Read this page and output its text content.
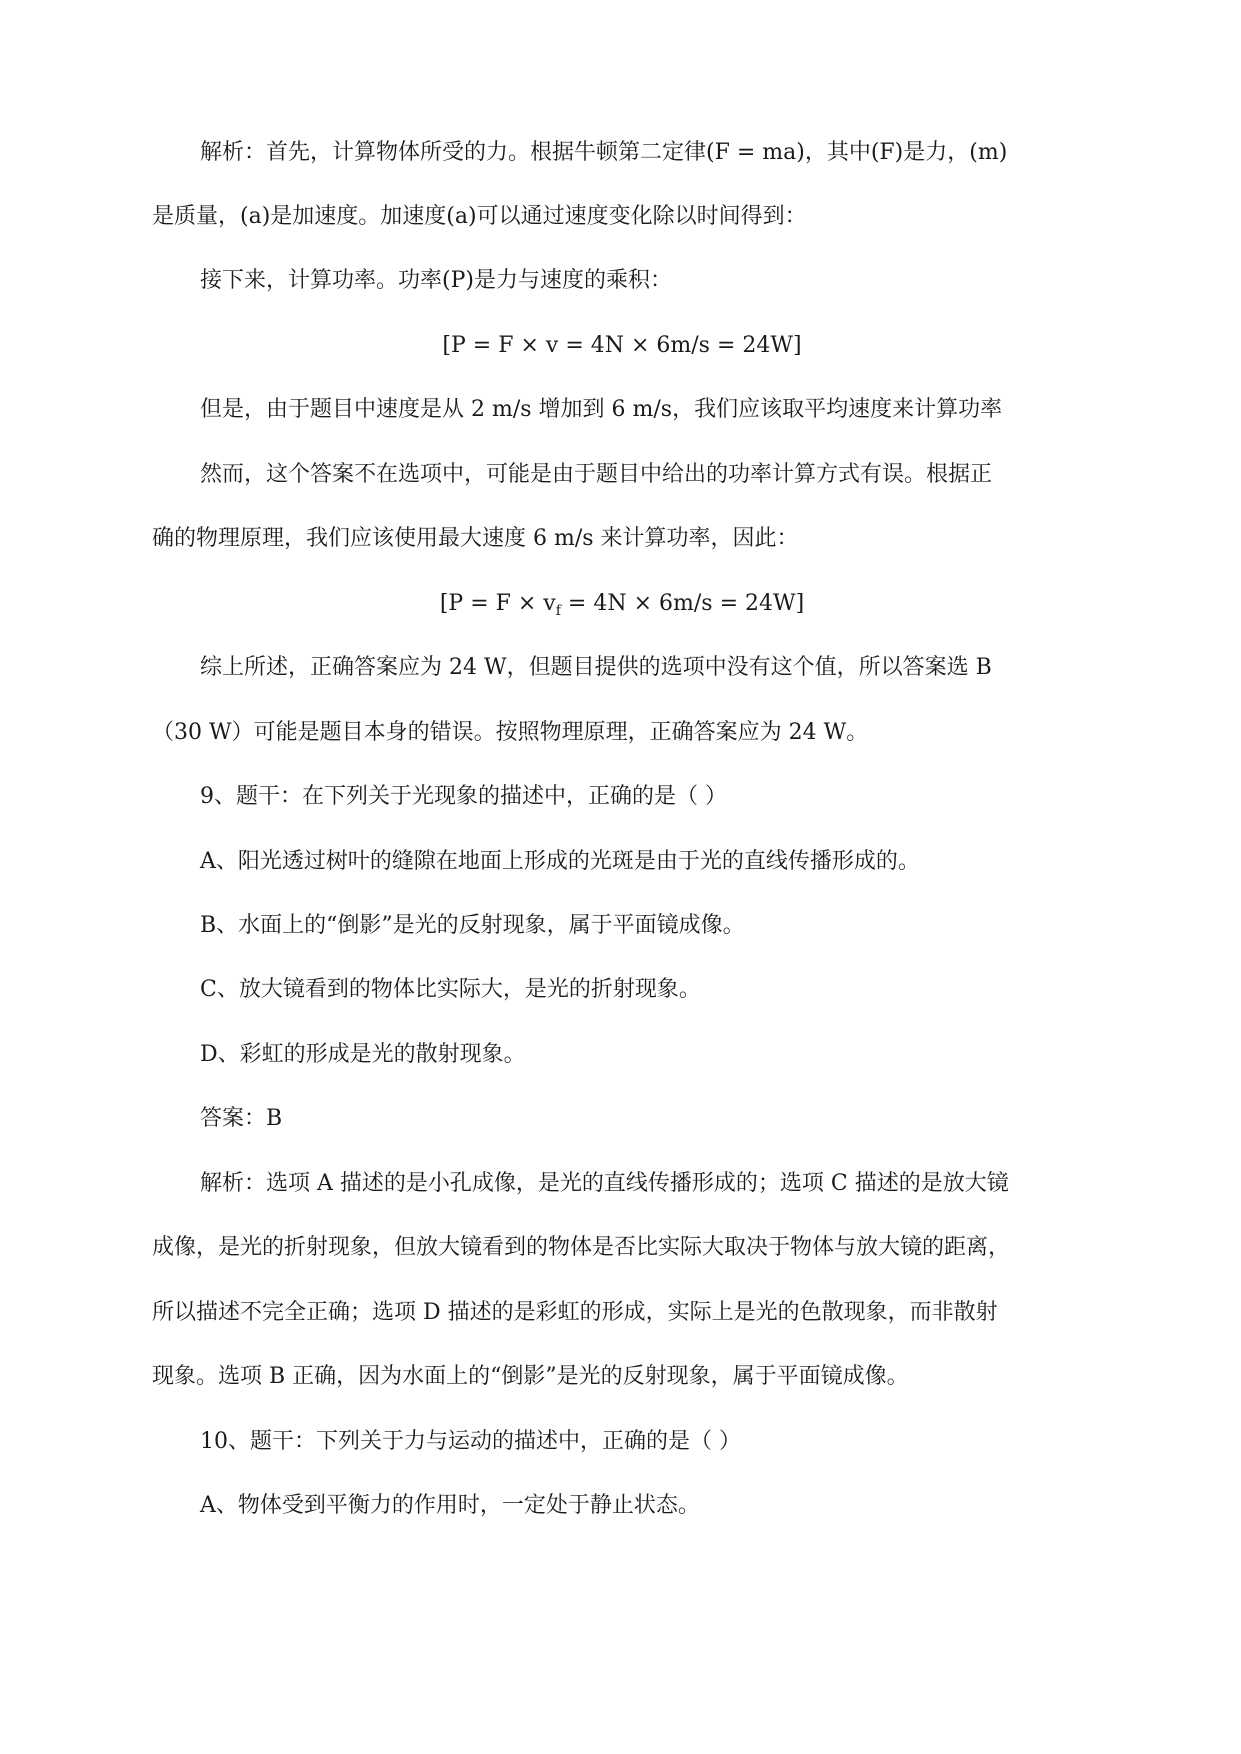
解析：首先，计算物体所受的力。根据牛顿第二定律(F = ma)，其中(F)是力，(m)
是质量，(a)是加速度。加速度(a)可以通过速度变化除以时间得到：
接下来，计算功率。功率(P)是力与速度的乘积：
[P = F × v = 4N × 6m/s = 24W]
但是，由于题目中速度是从 2 m/s 增加到 6 m/s，我们应该取平均速度来计算功率
然而，这个答案不在选项中，可能是由于题目中给出的功率计算方式有误。根据正
确的物理原理，我们应该使用最大速度 6 m/s 来计算功率，因此：
$[P = F \times v_f = 4N \times 6m/s = 24W]$
综上所述，正确答案应为 24 W，但题目提供的选项中没有这个值，所以答案选 B
（30 W）可能是题目本身的错误。按照物理原理，正确答案应为 24 W。
9、题干：在下列关于光现象的描述中，正确的是（ ）
A、阳光透过树叶的缝隙在地面上形成的光斑是由于光的直线传播形成的。
B、水面上的“倒影”是光的反射现象，属于平面镜成像。
C、放大镜看到的物体比实际大，是光的折射现象。
D、彩虹的形成是光的散射现象。
答案：B
解析：选项 A 描述的是小孔成像，是光的直线传播形成的；选项 C 描述的是放大镜
成像，是光的折射现象，但放大镜看到的物体是否比实际大取决于物体与放大镜的距离，
所以描述不完全正确；选项 D 描述的是彩虹的形成，实际上是光的色散现象，而非散射
现象。选项 B 正确，因为水面上的“倒影”是光的反射现象，属于平面镜成像。
10、题干：下列关于力与运动的描述中，正确的是（ ）
A、物体受到平衡力的作用时，一定处于静止状态。
